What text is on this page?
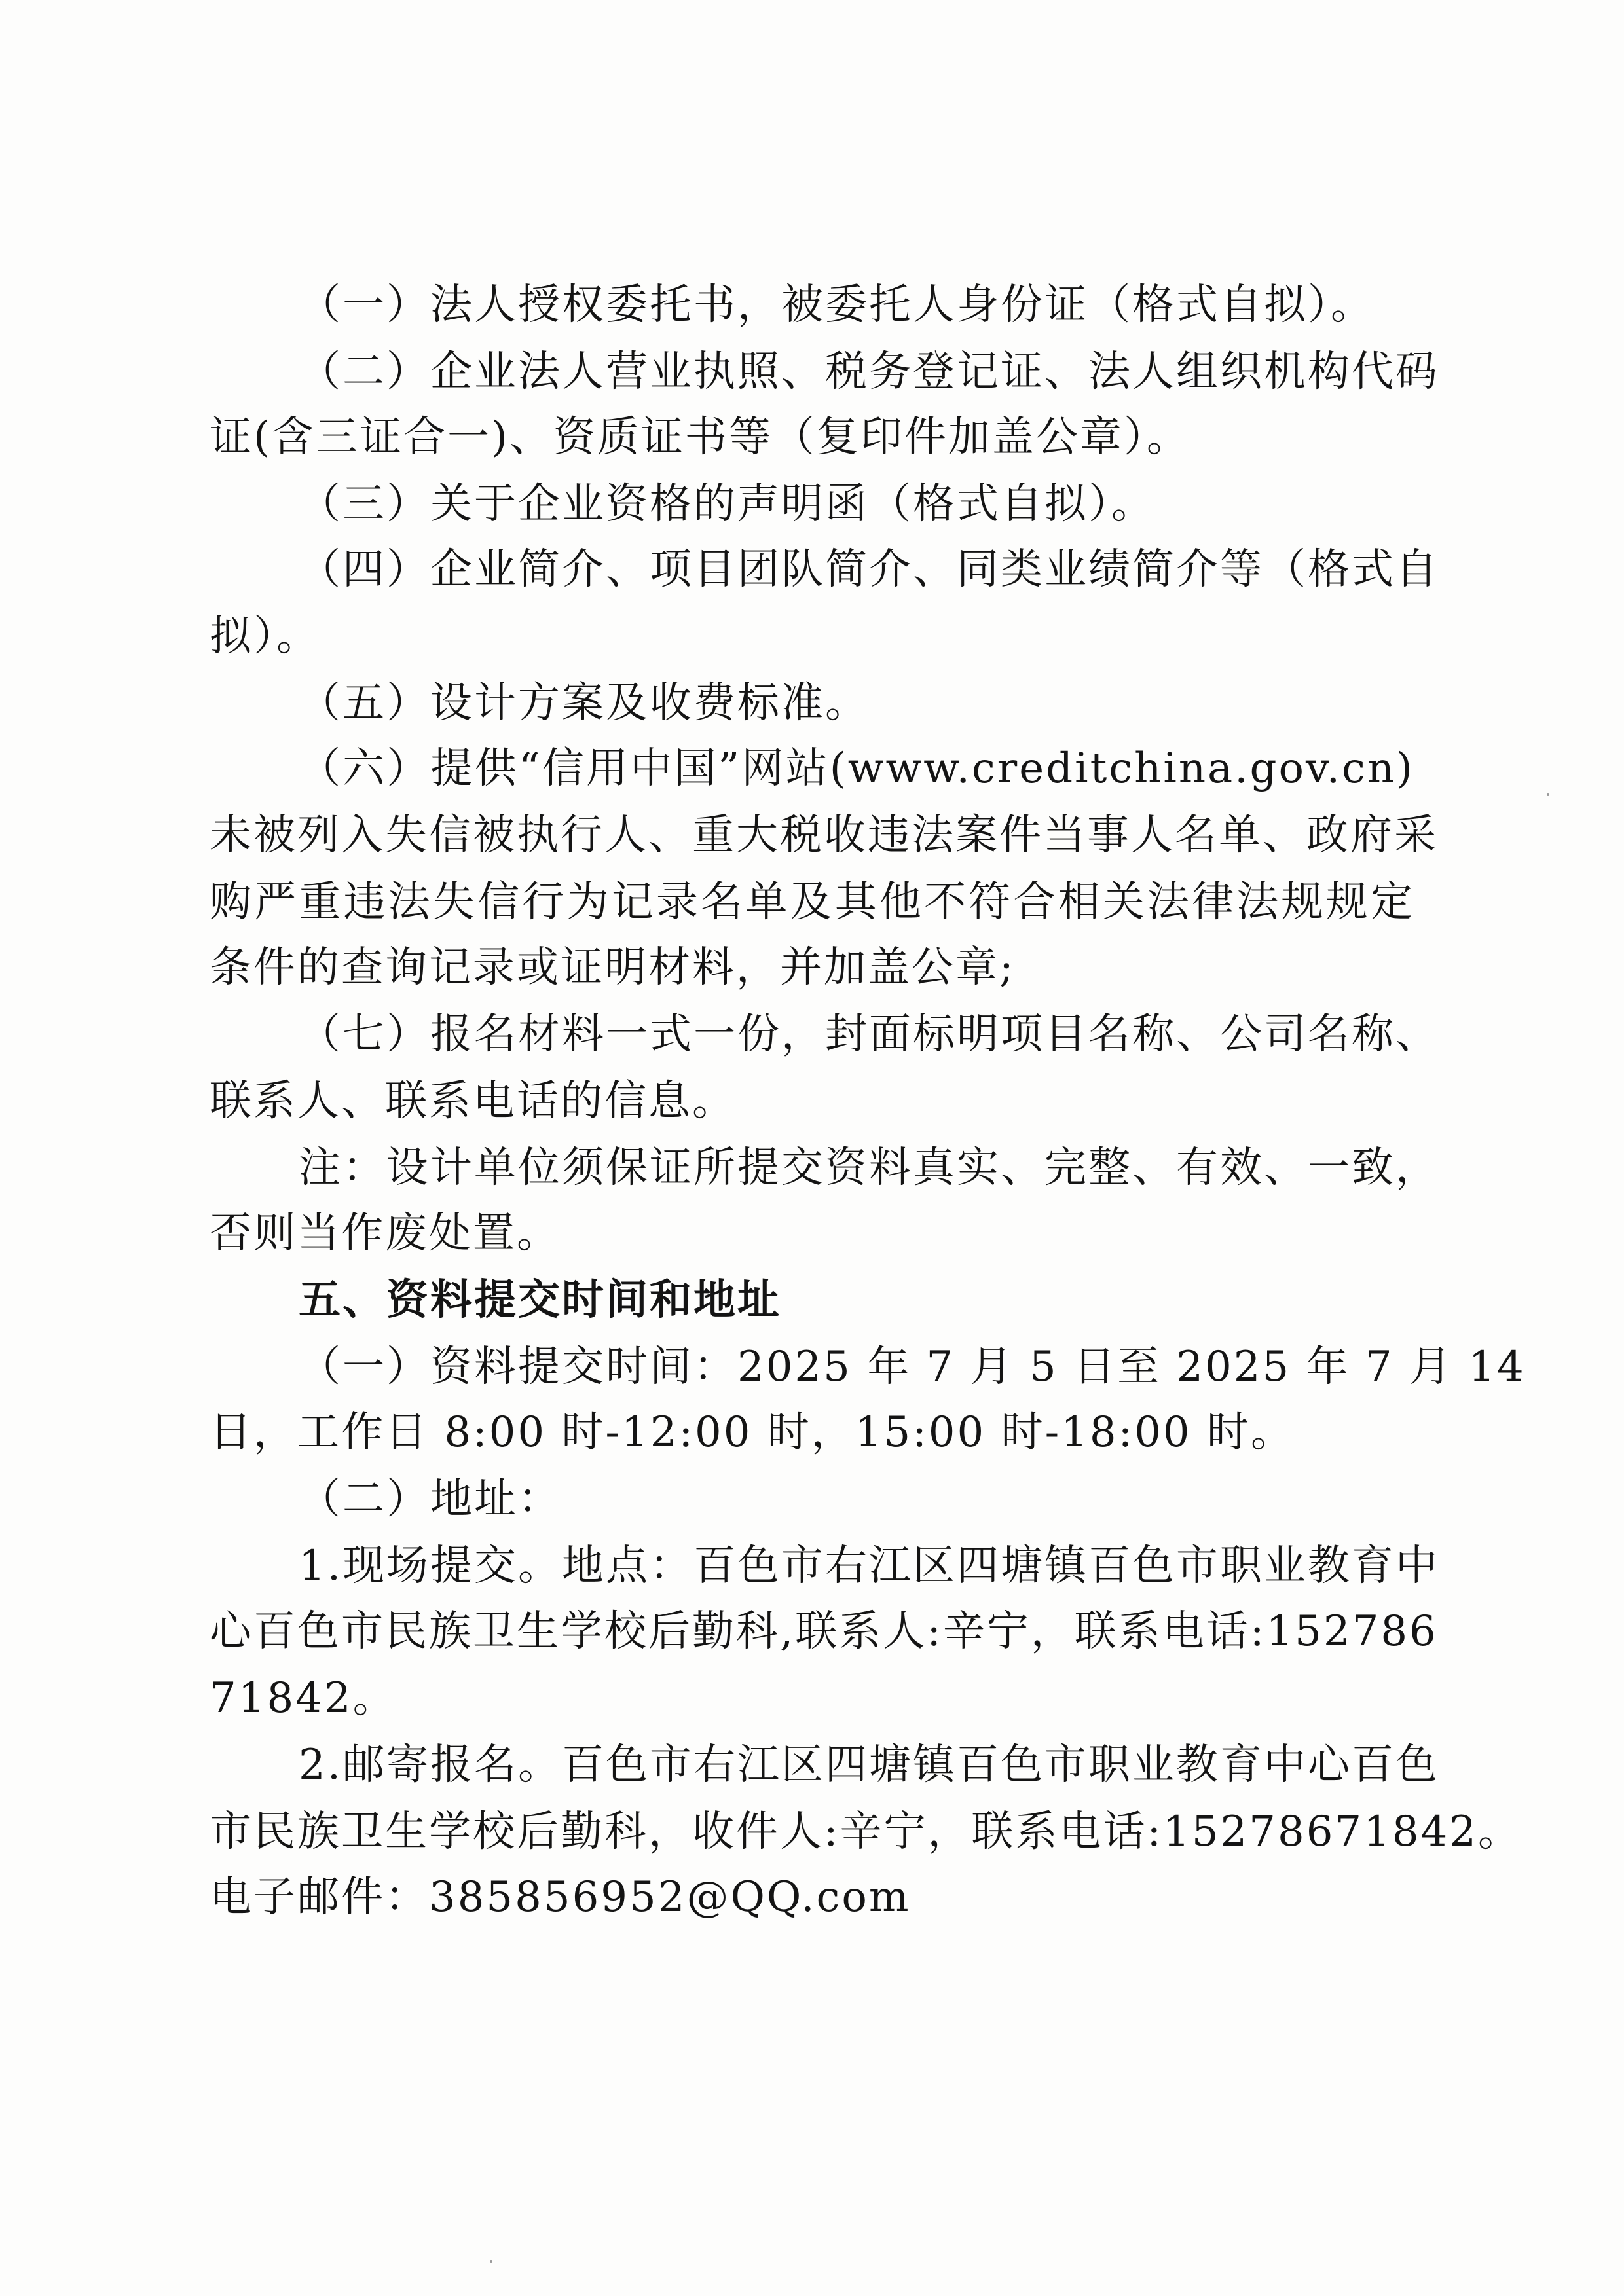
（一）法人授权委托书，被委托人身份证（格式自拟）。
（二）企业法人营业执照、税务登记证、法人组织机构代码
证(含三证合一)、资质证书等（复印件加盖公章）。
（三）关于企业资格的声明函（格式自拟）。
（四）企业简介、项目团队简介、同类业绩简介等（格式自
拟）。
（五）设计方案及收费标准。
（六）提供“信用中国”网站(www.creditchina.gov.cn)
未被列入失信被执行人、重大税收违法案件当事人名单、政府采
购严重违法失信行为记录名单及其他不符合相关法律法规规定
条件的查询记录或证明材料，并加盖公章;
（七）报名材料一式一份，封面标明项目名称、公司名称、
联系人、联系电话的信息。
注：设计单位须保证所提交资料真实、完整、有效、一致，
否则当作废处置。
五、资料提交时间和地址
（一）资料提交时间：2025 年 7 月 5 日至 2025 年 7 月 14
日，工作日 8:00 时-12:00 时，15:00 时-18:00 时。
（二）地址：
1.现场提交。地点：百色市右江区四塘镇百色市职业教育中
心百色市民族卫生学校后勤科,联系人:辛宁，联系电话:152786
71842。
2.邮寄报名。百色市右江区四塘镇百色市职业教育中心百色
市民族卫生学校后勤科，收件人:辛宁，联系电话:15278671842。
电子邮件：385856952@QQ.com
